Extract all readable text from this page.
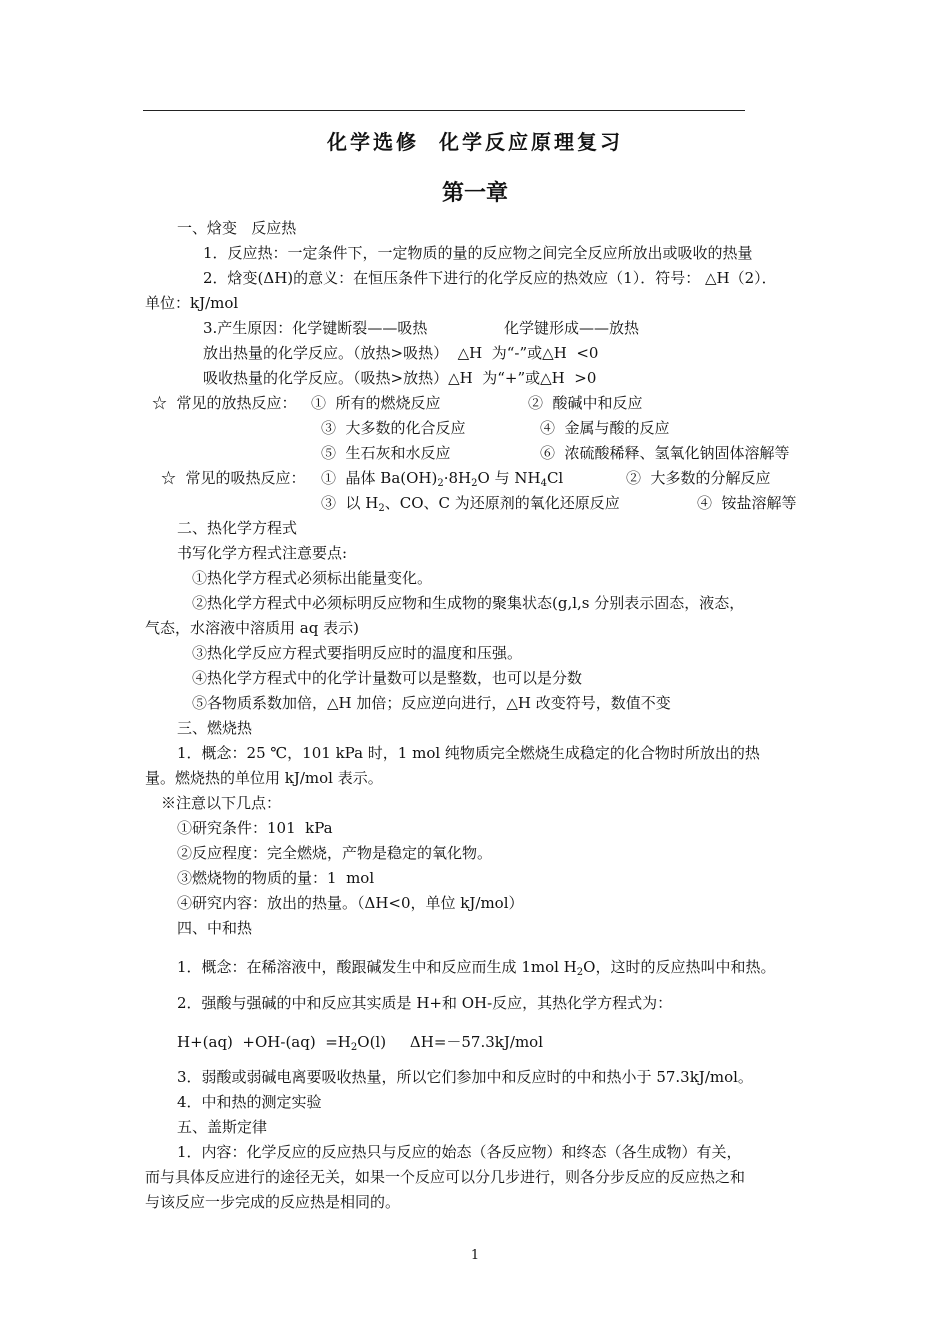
化学选修  化学反应原理复习
第一章
一、焓变   反应热
1．反应热：一定条件下，一定物质的量的反应物之间完全反应所放出或吸收的热量
2．焓变(ΔH)的意义：在恒压条件下进行的化学反应的热效应（1）．符号： △H（2）．
单位：kJ/mol
3.产生原因：化学键断裂——吸热	化学键形成——放热
放出热量的化学反应。（放热>吸热）  △H  为“-”或△H  <0
吸收热量的化学反应。（吸热>放热）△H  为“+”或△H  >0
☆  常见的放热反应： ①  所有的燃烧反应	②  酸碱中和反应
③  大多数的化合反应	④  金属与酸的反应
⑤  生石灰和水反应	⑥  浓硫酸稀释、氢氧化钠固体溶解等
☆  常见的吸热反应： ①  晶体 $Ba(OH)_2\cdot 8H_2O$ 与 $NH_4Cl$	②  大多数的分解反应
③  以 $H_2$、CO、C 为还原剂的氧化还原反应	④  铵盐溶解等
二、热化学方程式
书写化学方程式注意要点:
①热化学方程式必须标出能量变化。
②热化学方程式中必须标明反应物和生成物的聚集状态(g,l,s 分别表示固态，液态，
气态，水溶液中溶质用 aq 表示)
③热化学反应方程式要指明反应时的温度和压强。
④热化学方程式中的化学计量数可以是整数，也可以是分数
⑤各物质系数加倍，△H 加倍；反应逆向进行，△H 改变符号，数值不变
三、燃烧热
1．概念：25 ℃，101 kPa 时，1 mol 纯物质完全燃烧生成稳定的化合物时所放出的热
量。燃烧热的单位用 kJ/mol 表示。
※注意以下几点：
①研究条件：101  kPa
②反应程度：完全燃烧，产物是稳定的氧化物。
③燃烧物的物质的量：1  mol
④研究内容：放出的热量。（ΔH<0，单位 kJ/mol）
四、中和热
1．概念：在稀溶液中，酸跟碱发生中和反应而生成 1mol $H_2O$，这时的反应热叫中和热。
2．强酸与强碱的中和反应其实质是 H+和 OH-反应，其热化学方程式为：
$H+(aq) +OH-(aq) =H_2O(l)$     ΔH=－57.3kJ/mol
3．弱酸或弱碱电离要吸收热量，所以它们参加中和反应时的中和热小于 57.3kJ/mol。
4．中和热的测定实验
五、盖斯定律
1．内容：化学反应的反应热只与反应的始态（各反应物）和终态（各生成物）有关，
而与具体反应进行的途径无关，如果一个反应可以分几步进行，则各分步反应的反应热之和
与该反应一步完成的反应热是相同的。
1
